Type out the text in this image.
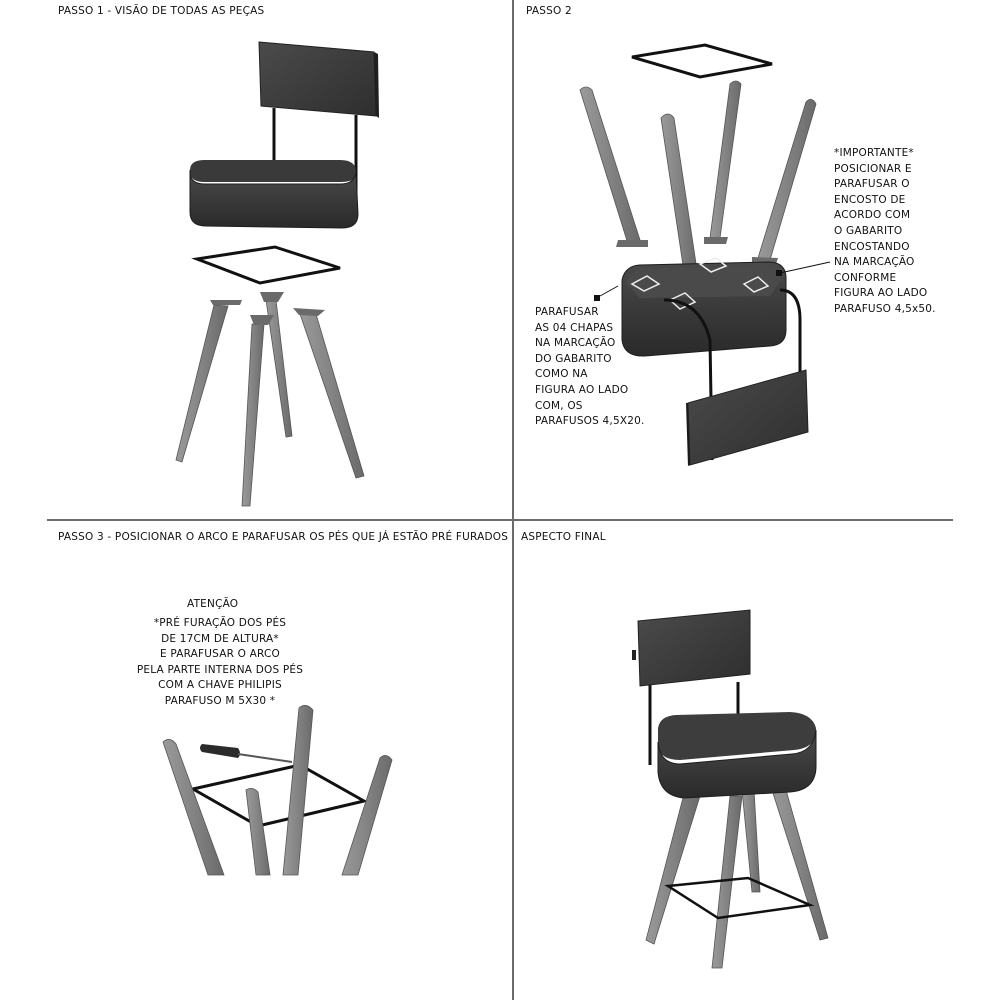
PASSO 1 - VISÃO DE TODAS AS PEÇAS	PASSO 2
PASSO 3 - POSICIONAR O ARCO E PARAFUSAR OS PÉS QUE JÁ ESTÃO PRÉ FURADOS ASPECTO FINAL
*IMPORTANTE*
POSICIONAR E
PARAFUSAR O
ENCOSTO DE
ACORDO COM
O GABARITO
ENCOSTANDO
NA MARCAÇÃO
CONFORME
FIGURA AO LADO
PARAFUSO 4,5x50.
PARAFUSAR
AS 04 CHAPAS
NA MARCAÇÃO
DO GABARITO
COMO NA
FIGURA AO LADO
COM, OS
PARAFUSOS 4,5X20.
ATENÇÃO
*PRÉ FURAÇÃO DOS PÉS
DE 17CM DE ALTURA*
E PARAFUSAR O ARCO
PELA PARTE INTERNA DOS PÉS
COM A CHAVE PHILIPIS
PARAFUSO M 5X30 *
